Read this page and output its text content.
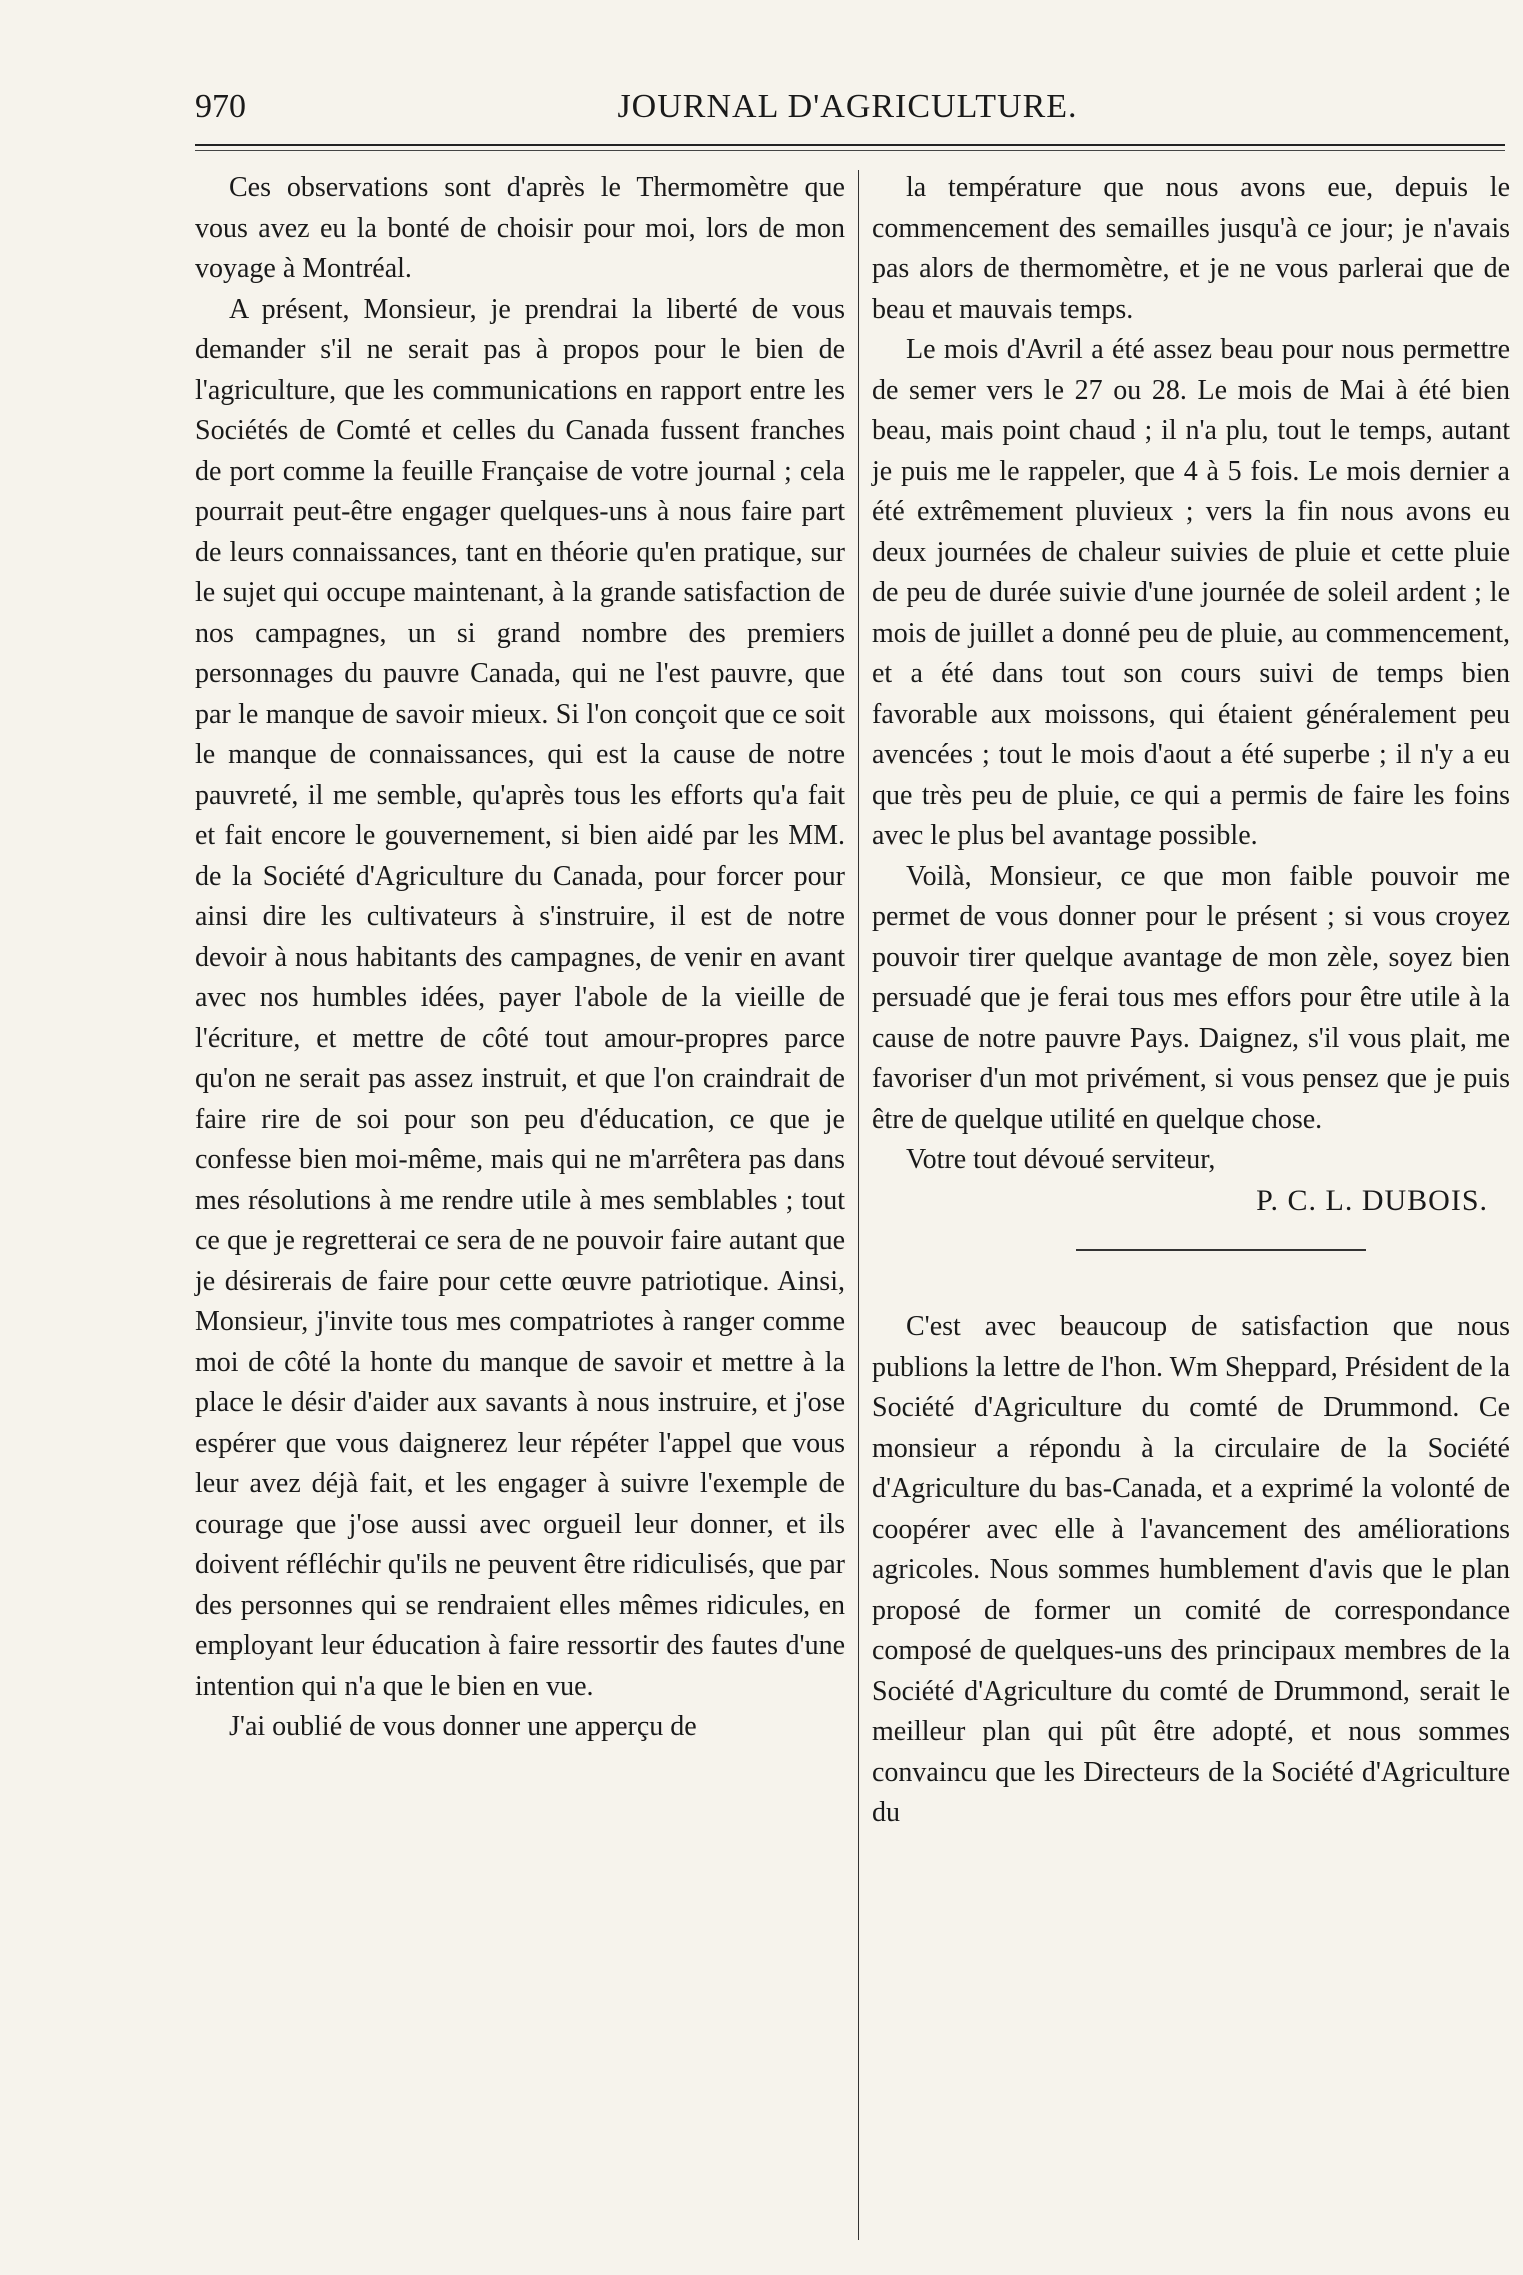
970	JOURNAL D'AGRICULTURE.

Ces observations sont d'après le Thermomètre que vous avez eu la bonté de choisir pour moi, lors de mon voyage à Montréal.

A présent, Monsieur, je prendrai la liberté de vous demander s'il ne serait pas à propos pour le bien de l'agriculture, que les communications en rapport entre les Sociétés de Comté et celles du Canada fussent franches de port comme la feuille Française de votre journal ; cela pourrait peut-être engager quelques-uns à nous faire part de leurs connaissances, tant en théorie qu'en pratique, sur le sujet qui occupe maintenant, à la grande satisfaction de nos campagnes, un si grand nombre des premiers personnages du pauvre Canada, qui ne l'est pauvre, que par le manque de savoir mieux. Si l'on conçoit que ce soit le manque de connaissances, qui est la cause de notre pauvreté, il me semble, qu'après tous les efforts qu'a fait et fait encore le gouvernement, si bien aidé par les MM. de la Société d'Agriculture du Canada, pour forcer pour ainsi dire les cultivateurs à s'instruire, il est de notre devoir à nous habitants des campagnes, de venir en avant avec nos humbles idées, payer l'abole de la vieille de l'écriture, et mettre de côté tout amour-propres parce qu'on ne serait pas assez instruit, et que l'on craindrait de faire rire de soi pour son peu d'éducation, ce que je confesse bien moi-même, mais qui ne m'arrêtera pas dans mes résolutions à me rendre utile à mes semblables ; tout ce que je regretterai ce sera de ne pouvoir faire autant que je désirerais de faire pour cette œuvre patriotique. Ainsi, Monsieur, j'invite tous mes compatriotes à ranger comme moi de côté la honte du manque de savoir et mettre à la place le désir d'aider aux savants à nous instruire, et j'ose espérer que vous daignerez leur répéter l'appel que vous leur avez déjà fait, et les engager à suivre l'exemple de courage que j'ose aussi avec orgueil leur donner, et ils doivent réfléchir qu'ils ne peuvent être ridiculisés, que par des personnes qui se rendraient elles mêmes ridicules, en employant leur éducation à faire ressortir des fautes d'une intention qui n'a que le bien en vue.

J'ai oublié de vous donner une apperçu de

la température que nous avons eue, depuis le commencement des semailles jusqu'à ce jour; je n'avais pas alors de thermomètre, et je ne vous parlerai que de beau et mauvais temps.

Le mois d'Avril a été assez beau pour nous permettre de semer vers le 27 ou 28. Le mois de Mai à été bien beau, mais point chaud ; il n'a plu, tout le temps, autant je puis me le rappeler, que 4 à 5 fois. Le mois dernier a été extrêmement pluvieux ; vers la fin nous avons eu deux journées de chaleur suivies de pluie et cette pluie de peu de durée suivie d'une journée de soleil ardent ; le mois de juillet a donné peu de pluie, au commencement, et a été dans tout son cours suivi de temps bien favorable aux moissons, qui étaient généralement peu avencées ; tout le mois d'aout a été superbe ; il n'y a eu que très peu de pluie, ce qui a permis de faire les foins avec le plus bel avantage possible.

Voilà, Monsieur, ce que mon faible pouvoir me permet de vous donner pour le présent ; si vous croyez pouvoir tirer quelque avantage de mon zèle, soyez bien persuadé que je ferai tous mes effors pour être utile à la cause de notre pauvre Pays. Daignez, s'il vous plait, me favoriser d'un mot privément, si vous pensez que je puis être de quelque utilité en quelque chose.

Votre tout dévoué serviteur,

P. C. L. DUBOIS.

C'est avec beaucoup de satisfaction que nous publions la lettre de l'hon. Wm Sheppard, Président de la Société d'Agriculture du comté de Drummond. Ce monsieur a répondu à la circulaire de la Société d'Agriculture du bas-Canada, et a exprimé la volonté de coopérer avec elle à l'avancement des améliorations agricoles. Nous sommes humblement d'avis que le plan proposé de former un comité de correspondance composé de quelques-uns des principaux membres de la Société d'Agriculture du comté de Drummond, serait le meilleur plan qui pût être adopté, et nous sommes convaincu que les Directeurs de la Société d'Agriculture du
